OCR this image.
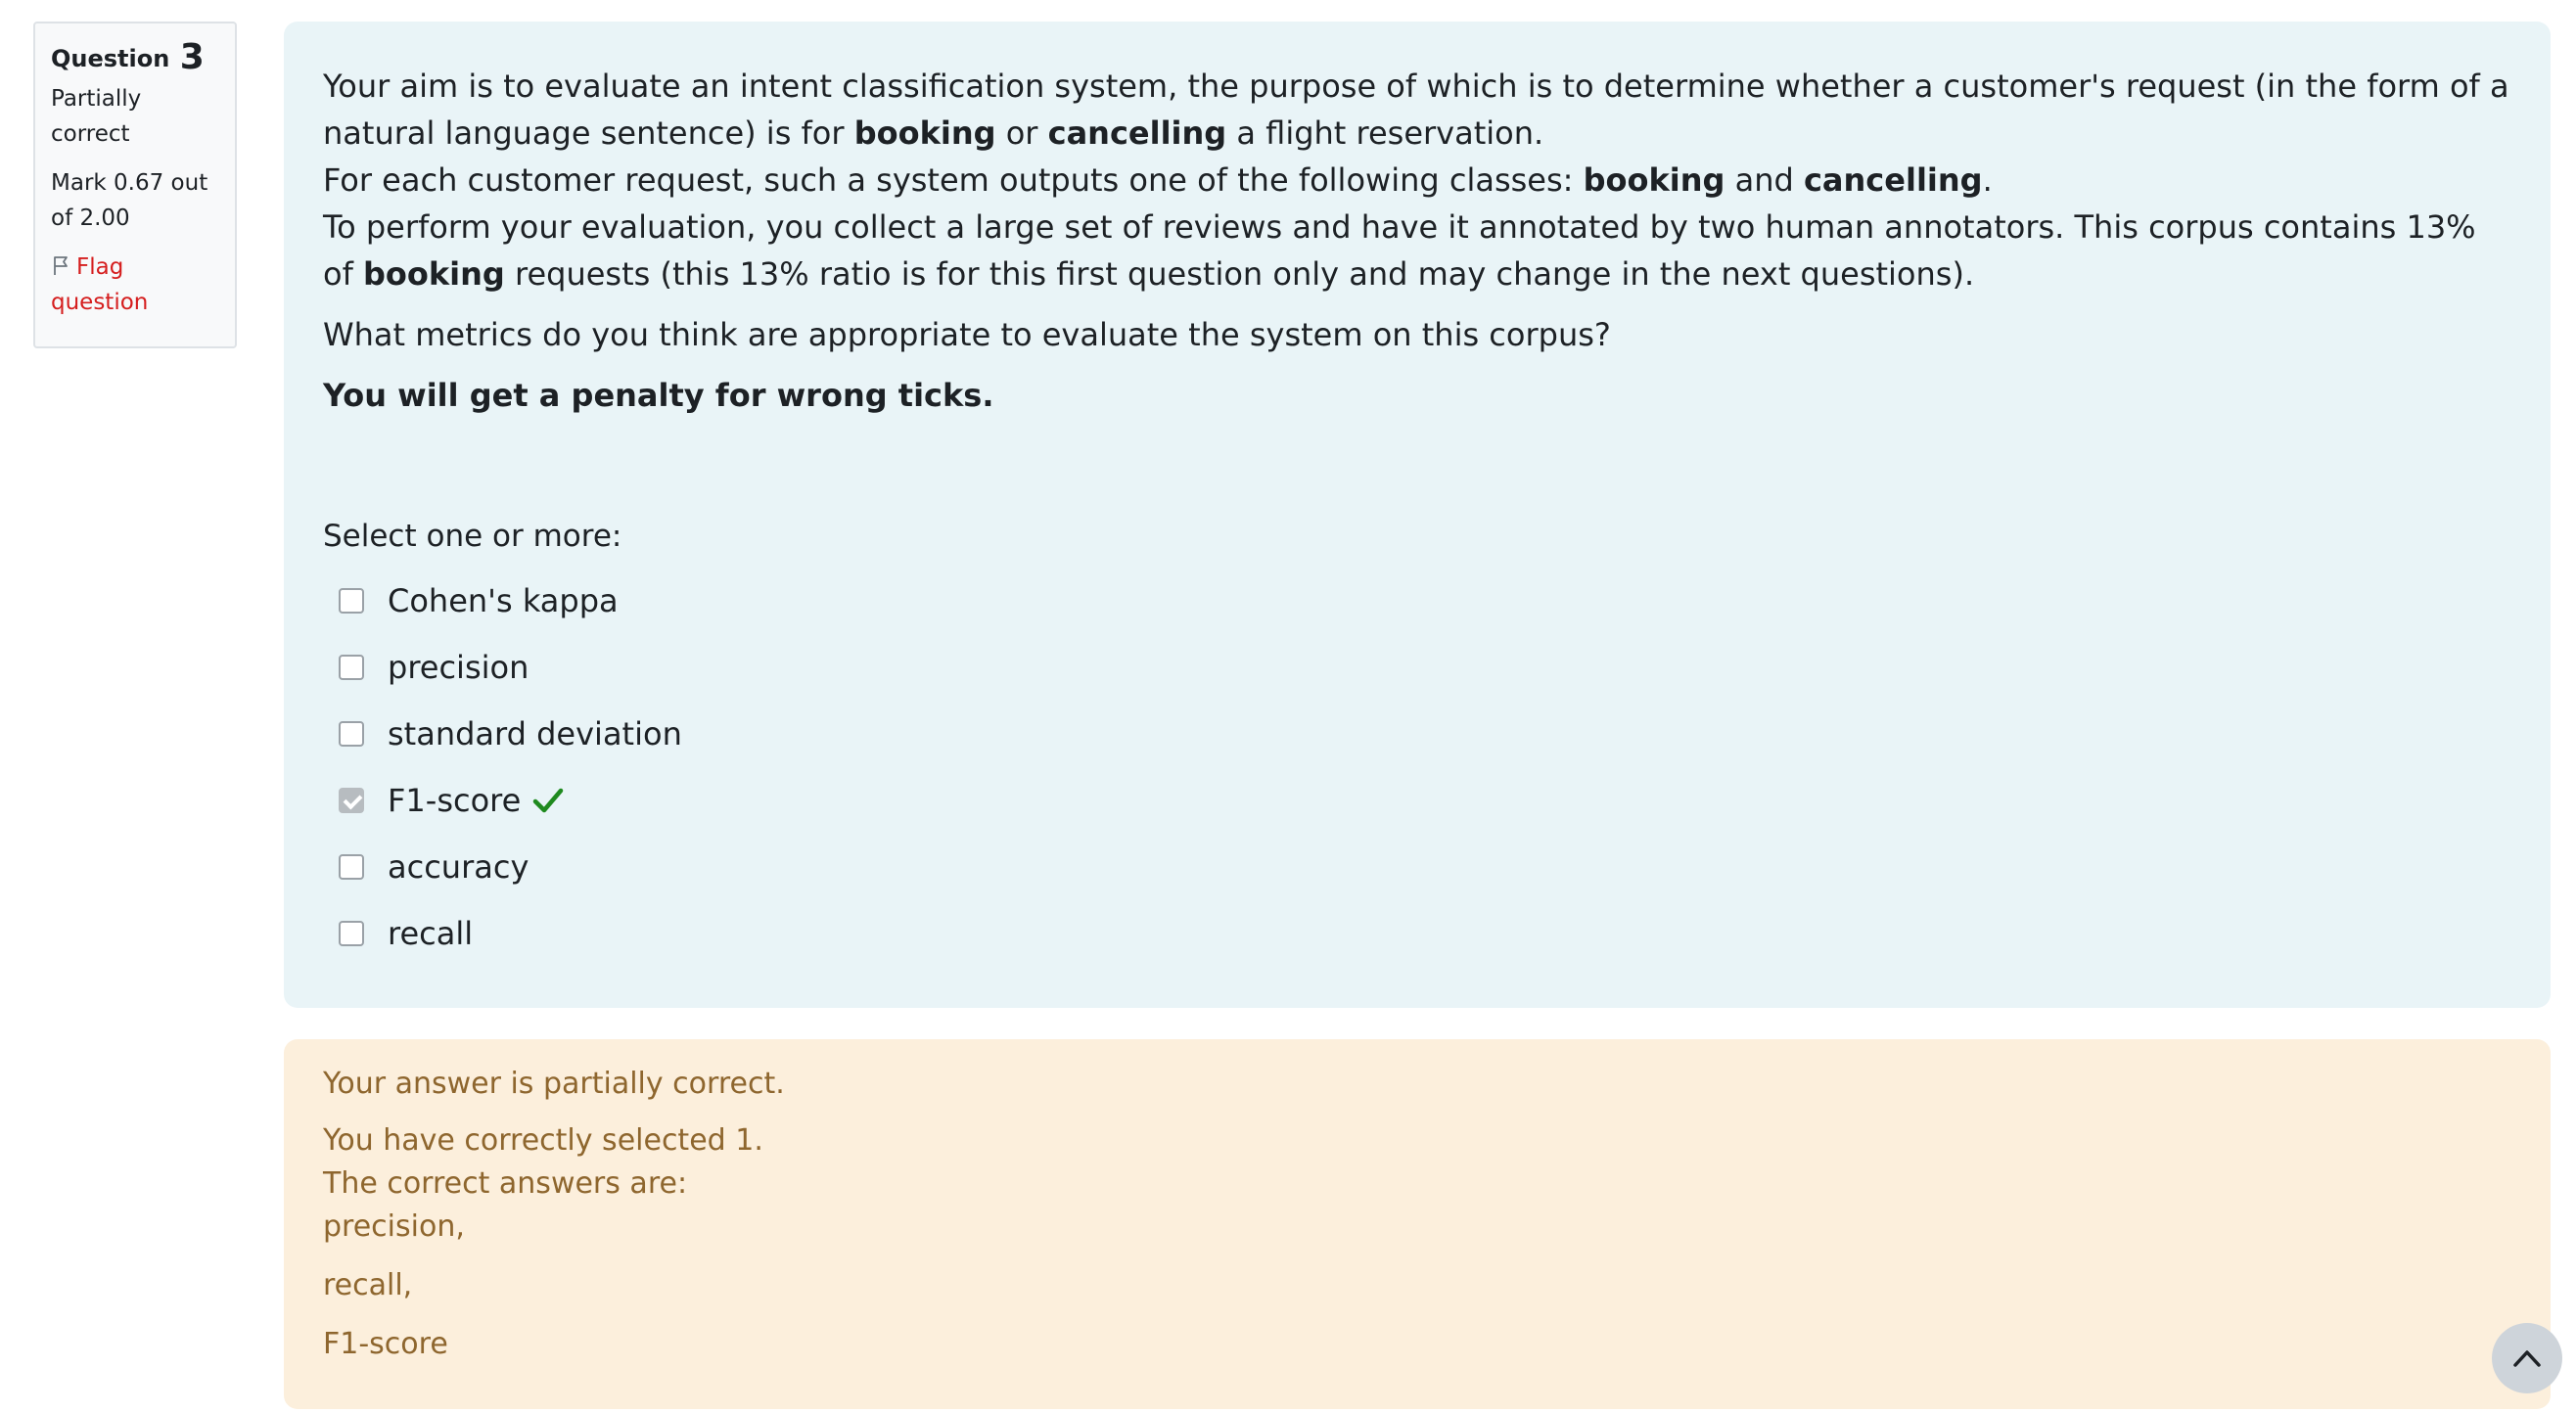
Question 3
Partially correct
Mark 0.67 out of 2.00
Flag question

Your aim is to evaluate an intent classification system, the purpose of which is to determine whether a customer's request (in the form of a natural language sentence) is for booking or cancelling a flight reservation.
For each customer request, such a system outputs one of the following classes: booking and cancelling.
To perform your evaluation, you collect a large set of reviews and have it annotated by two human annotators. This corpus contains 13% of booking requests (this 13% ratio is for this first question only and may change in the next questions).

What metrics do you think are appropriate to evaluate the system on this corpus?

You will get a penalty for wrong ticks.

Select one or more:
Cohen's kappa
precision
standard deviation
F1-score
accuracy
recall
Your answer is partially correct.
You have correctly selected 1.
The correct answers are:
precision,
recall,
F1-score
